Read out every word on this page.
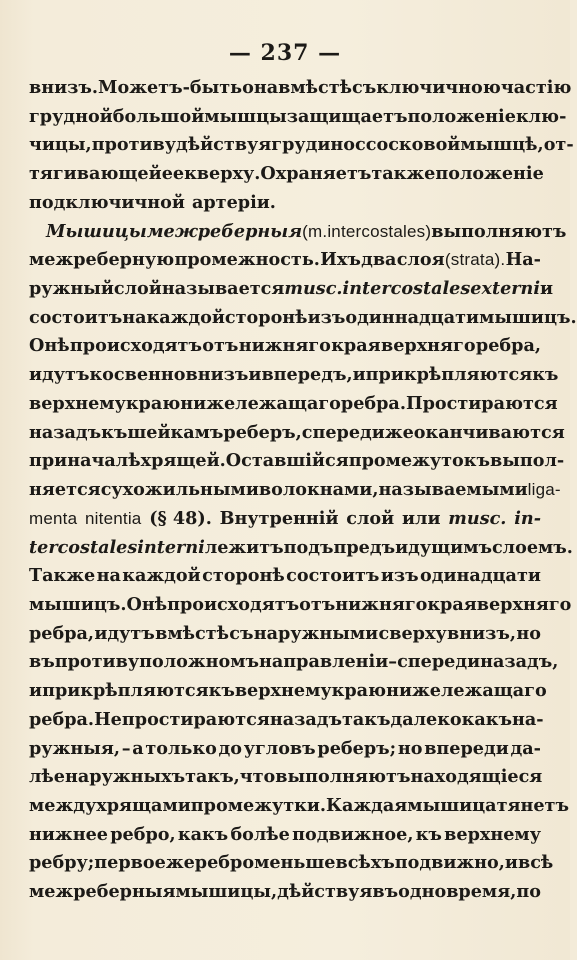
— 237 —
внизъ. Можетъ-быть она вмѣстѣ съ ключичною частію
грудной большой мышцы защищаетъ положеніе клю-
чицы, противудѣйствуя грудиноссосковой мышцѣ, от-
тягивающей ее кверху. Охраняетъ также положеніе
подключичной артеріи.
Мышицы межреберныя (m. intercostales) выполняютъ
межреберную промежность. Ихъ два слоя (strata). На-
ружный слой называется musc. intercostales externi и
состоитъ на каждой сторонѣ изъ одиннадцати мышицъ.
Онѣ происходятъ отъ нижняго края верхняго ребра,
идутъ косвенно внизъ и впередъ, и прикрѣпляются къ
верхнему краю нижележащаго ребра. Простираются
назадъ къ шейкамъ реберъ, спереди же оканчиваются
при началѣ хрящей. Оставшійся промежутокъ выпол-
няется сухожильными волокнами, называемыми liga-
menta nitentia (§ 48). Внутренній слой или musc. in-
tercostales interni лежитъ подъ предъидущимъ слоемъ.
Также на каждой сторонѣ состоитъ изъ одинадцати
мышицъ. Онѣ происходятъ отъ нижняго края верхняго
ребра, идутъ вмѣстѣ съ наружными сверху внизъ, но
въ противуположномъ направленіи – спереди назадъ,
и прикрѣпляются къ верхнему краю нижележащаго
ребра. Не простираются назадъ такъ далеко какъ на-
ружныя, – а только до угловъ реберъ; но впереди да-
лѣе наружныхъ такъ, что выполняютъ находящіеся
между хрящами промежутки. Каждая мышица тянетъ
нижнее ребро, какъ болѣе подвижное, къ верхнему
ребру; первое же ребро меньше всѣхъ подвижно, и всѣ
межреберныя мышицы, дѣйствуя въ одно время, по
